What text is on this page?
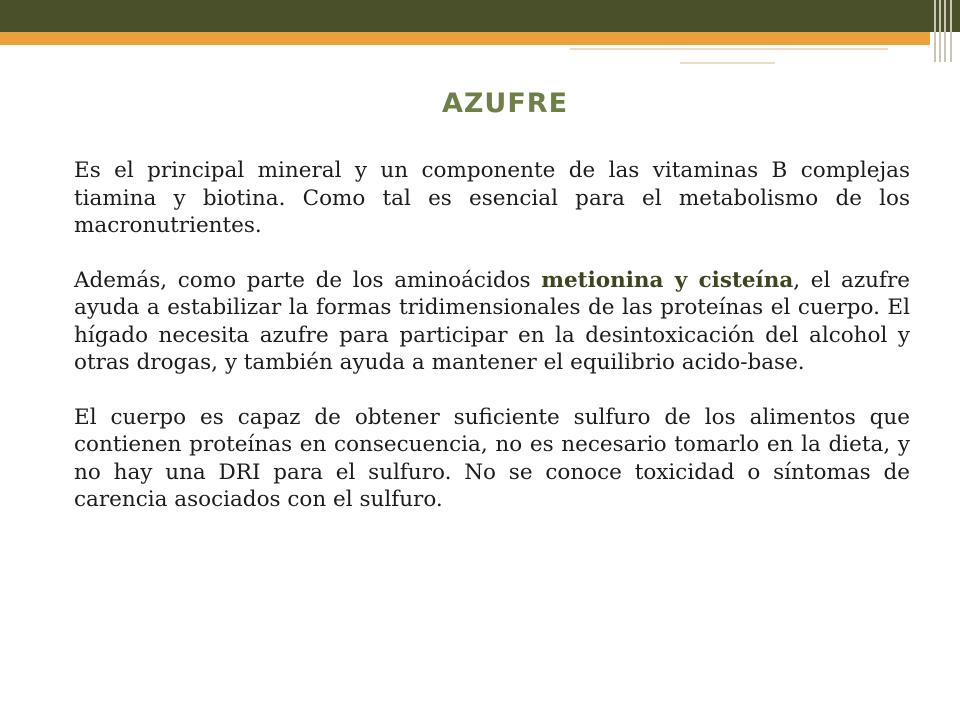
AZUFRE

Es el principal mineral y un componente de las vitaminas B complejas tiamina y biotina. Como tal es esencial para el metabolismo de los macronutrientes.

Además, como parte de los aminoácidos metionina y cisteína, el azufre ayuda a estabilizar la formas tridimensionales de las proteínas el cuerpo. El hígado necesita azufre para participar en la desintoxicación del alcohol y otras drogas, y también ayuda a mantener el equilibrio acido-base.

El cuerpo es capaz de obtener suficiente sulfuro de los alimentos que contienen proteínas en consecuencia, no es necesario tomarlo en la dieta, y no hay una DRI para el sulfuro. No se conoce toxicidad o síntomas de carencia asociados con el sulfuro.
